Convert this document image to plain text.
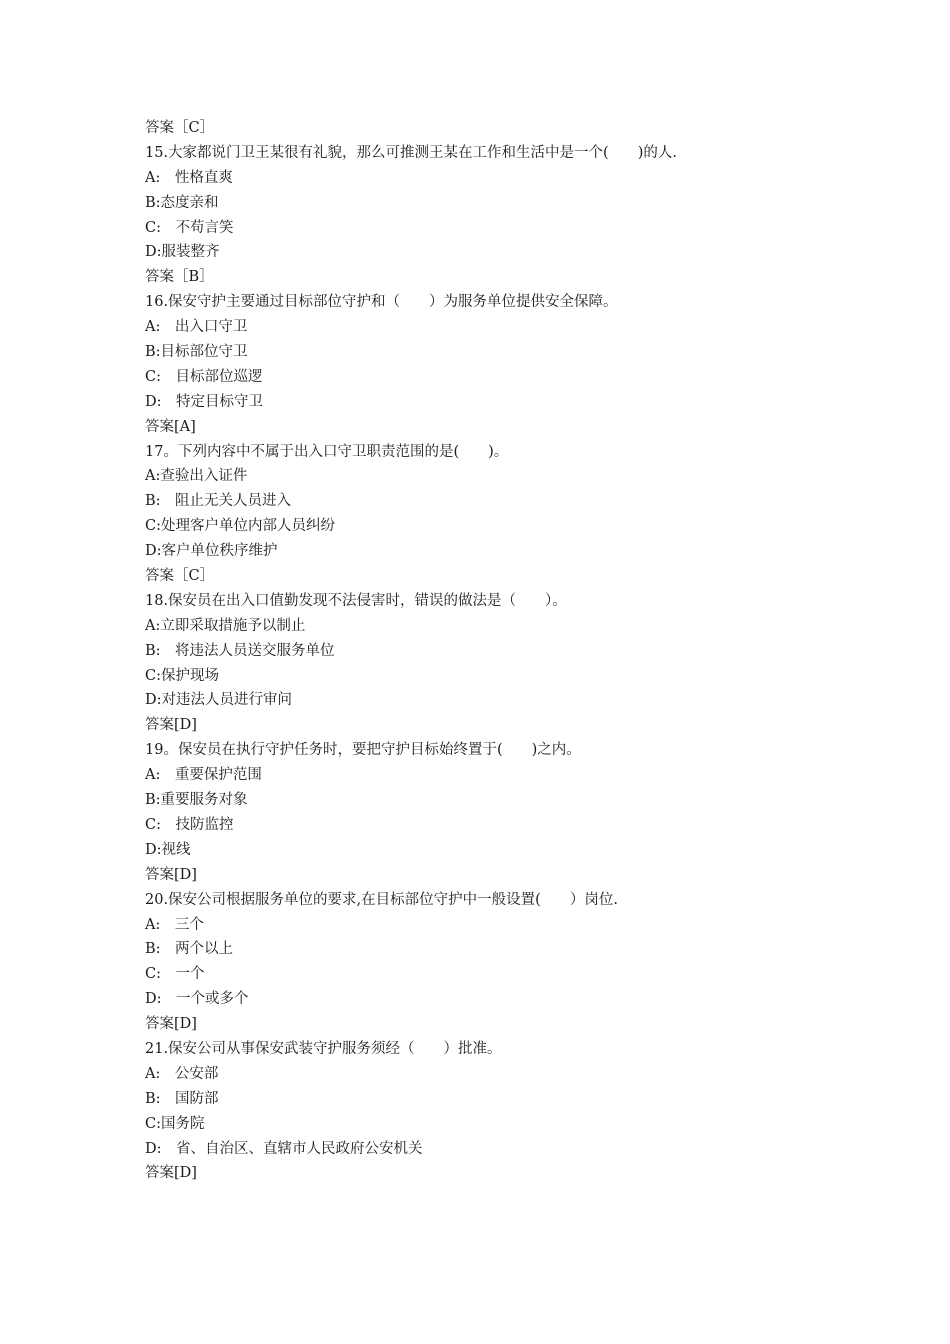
答案［C］
15.大家都说门卫王某很有礼貌，那么可推测王某在工作和生活中是一个(　　)的人.
A:　性格直爽
B:态度亲和
C:　不苟言笑
D:服装整齐
答案［B］
16.保安守护主要通过目标部位守护和（　　）为服务单位提供安全保障。
A:　出入口守卫
B:目标部位守卫
C:　目标部位巡逻
D:　特定目标守卫
答案[A]
17。下列内容中不属于出入口守卫职责范围的是(　　)。
A:查验出入证件
B:　阻止无关人员进入
C:处理客户单位内部人员纠纷
D:客户单位秩序维护
答案［C］
18.保安员在出入口值勤发现不法侵害时，错误的做法是（　　）。
A:立即采取措施予以制止
B:　将违法人员送交服务单位
C:保护现场
D:对违法人员进行审问
答案[D]
19。保安员在执行守护任务时，要把守护目标始终置于(　　)之内。
A:　重要保护范围
B:重要服务对象
C:　技防监控
D:视线
答案[D]
20.保安公司根据服务单位的要求,在目标部位守护中一般设置(　　）岗位.
A:　三个
B:　两个以上
C:　一个
D:　一个或多个
答案[D]
21.保安公司从事保安武装守护服务须经（　　）批准。
A:　公安部
B:　国防部
C:国务院
D:　省、自治区、直辖市人民政府公安机关
答案[D]
